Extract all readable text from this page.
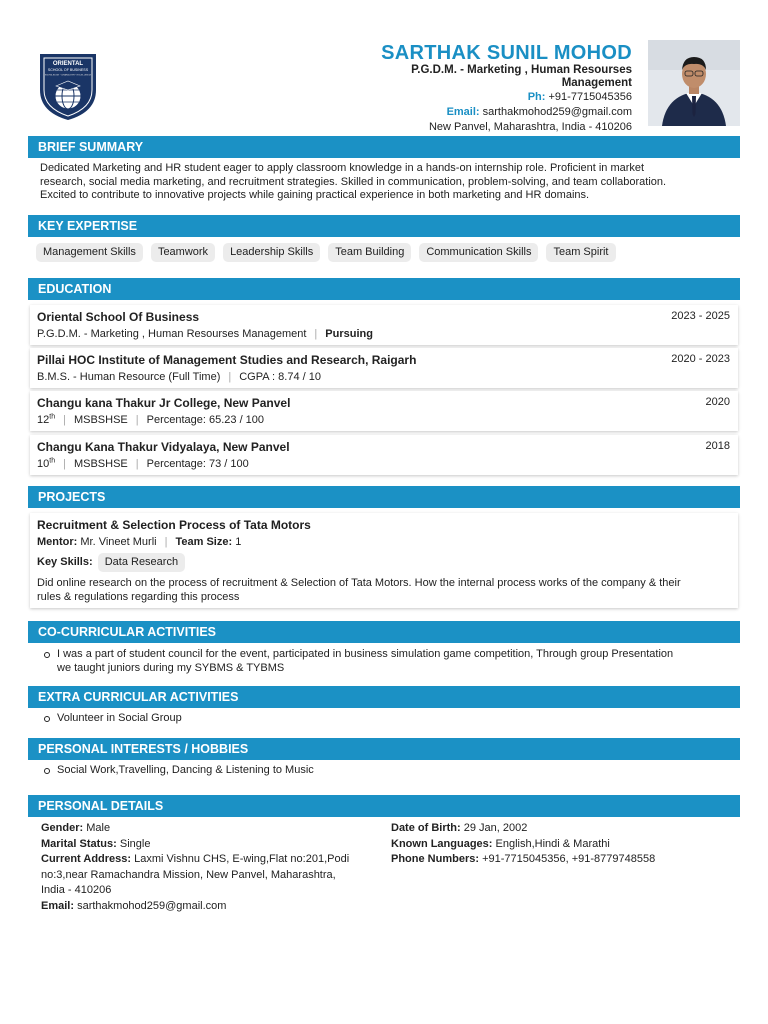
ORIENTAL
SCHOOL OF BUSINESS
KNOWLEDGE • CHARACTER • EXCELLENCE
SARTHAK SUNIL MOHOD
P.G.D.M. - Marketing , Human Resourses
Management
Ph: +91-7715045356
Email: sarthakmohod259@gmail.com
New Panvel, Maharashtra, India - 410206
BRIEF SUMMARY
Dedicated Marketing and HR student eager to apply classroom knowledge in a hands-on internship role. Proficient in market
research, social media marketing, and recruitment strategies. Skilled in communication, problem-solving, and team collaboration.
Excited to contribute to innovative projects while gaining practical experience in both marketing and HR domains.
KEY EXPERTISE
Management Skills	Teamwork	Leadership Skills	Team Building	Communication Skills	Team Spirit
EDUCATION
Oriental School Of Business	2023 - 2025
P.G.D.M. - Marketing , Human Resourses Management | Pursuing
Pillai HOC Institute of Management Studies and Research, Raigarh	2020 - 2023
B.M.S. - Human Resource (Full Time) | CGPA : 8.74 / 10
Changu kana Thakur Jr College, New Panvel	2020
12th | MSBSHSE | Percentage: 65.23 / 100
Changu Kana Thakur Vidyalaya, New Panvel	2018
10th | MSBSHSE | Percentage: 73 / 100
PROJECTS
Recruitment & Selection Process of Tata Motors
Mentor: Mr. Vineet Murli | Team Size: 1
Key Skills: Data Research
Did online research on the process of recruitment & Selection of Tata Motors. How the internal process works of the company & their
rules & regulations regarding this process
CO-CURRICULAR ACTIVITIES
I was a part of student council for the event, participated in business simulation game competition, Through group Presentation
we taught juniors during my SYBMS & TYBMS
EXTRA CURRICULAR ACTIVITIES
Volunteer in Social Group
PERSONAL INTERESTS / HOBBIES
Social Work,Travelling, Dancing & Listening to Music
PERSONAL DETAILS
Gender: Male
Marital Status: Single
Current Address: Laxmi Vishnu CHS, E-wing,Flat no:201,Podi
no:3,near Ramachandra Mission, New Panvel, Maharashtra,
India - 410206
Email: sarthakmohod259@gmail.com
Date of Birth: 29 Jan, 2002
Known Languages: English,Hindi & Marathi
Phone Numbers: +91-7715045356, +91-8779748558
